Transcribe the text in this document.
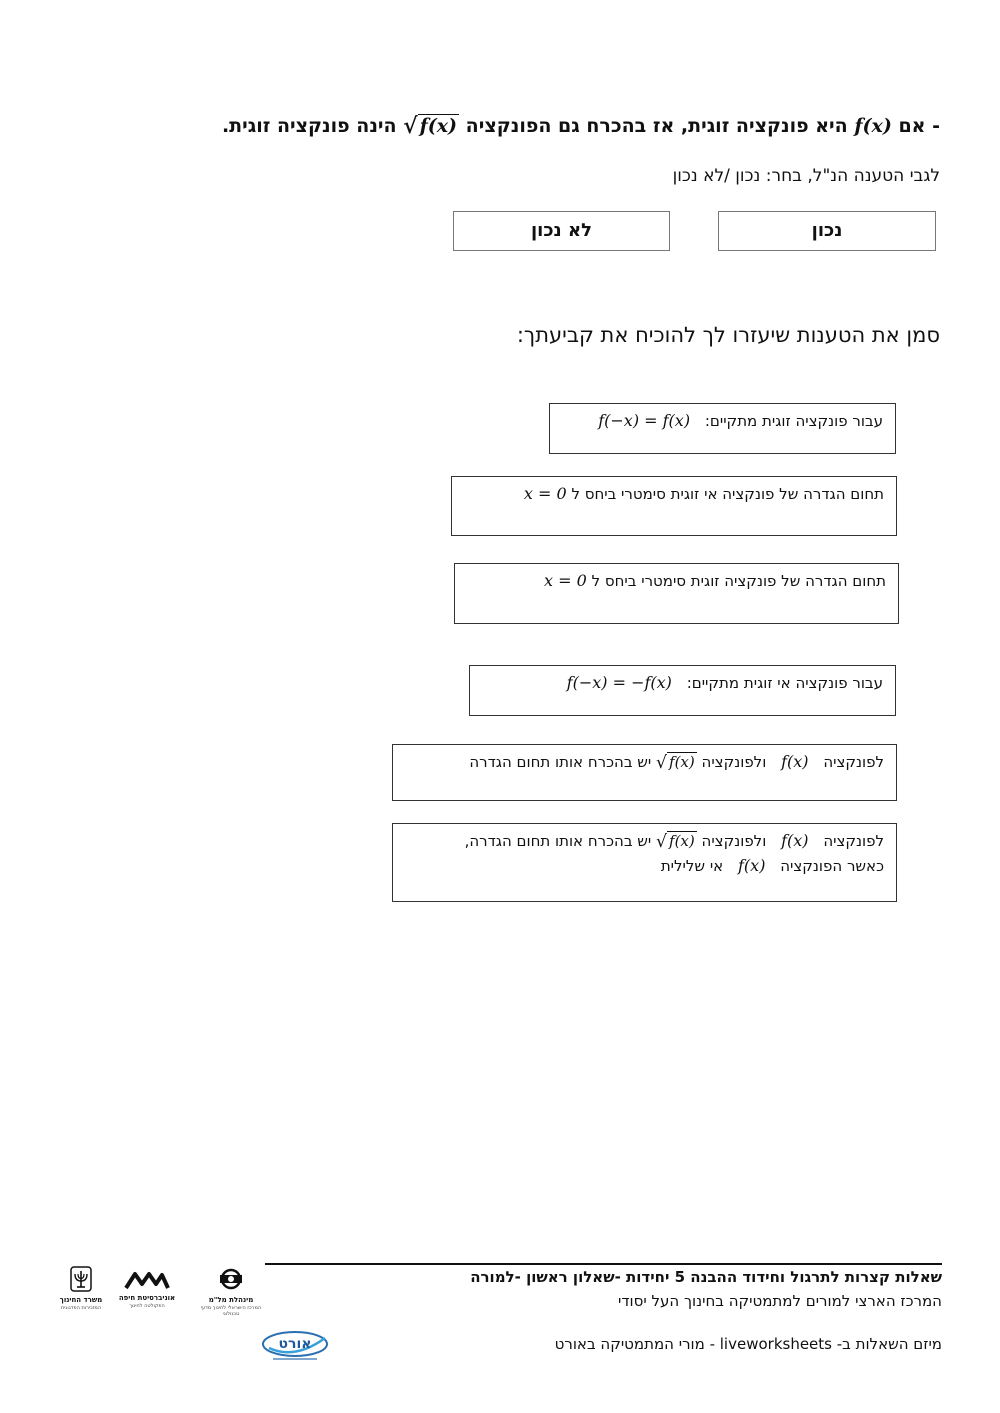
- אם f(x) היא פונקציה זוגית, אז בהכרח גם הפונקציה √ f(x) הינה פונקציה זוגית.
לגבי הטענה הנ"ל, בחר: נכון /לא נכון
נכון
לא נכון
סמן את הטענות שיעזרו לך להוכיח את קביעתך:
עבור פונקציה זוגית מתקיים: f(−x) = f(x)
תחום הגדרה של פונקציה אי זוגית סימטרי ביחס ל x = 0
תחום הגדרה של פונקציה זוגית סימטרי ביחס ל x = 0
עבור פונקציה אי זוגית מתקיים: f(−x) = −f(x)
לפונקציה f(x) ולפונקציה √ f(x) יש בהכרח אותו תחום הגדרה
לפונקציה f(x) ולפונקציה √ f(x) יש בהכרח אותו תחום הגדרה,
כאשר הפונקציה f(x) אי שלילית
שאלות קצרות לתרגול וחידוד ההבנה 5 יחידות -שאלון ראשון -למורה
המרכז הארצי למורים למתמטיקה בחינוך העל יסודי
מיזם השאלות ב- liveworksheets - מורי המתמטיקה באורט
משרד החינוך
המזכירות הפדגוגית
אוניברסיטת חיפה
הפקולטה לחינוך
מינהלת מל"מ
המרכז הישראלי לחינוך מדעי טכנולוגי
אורט
